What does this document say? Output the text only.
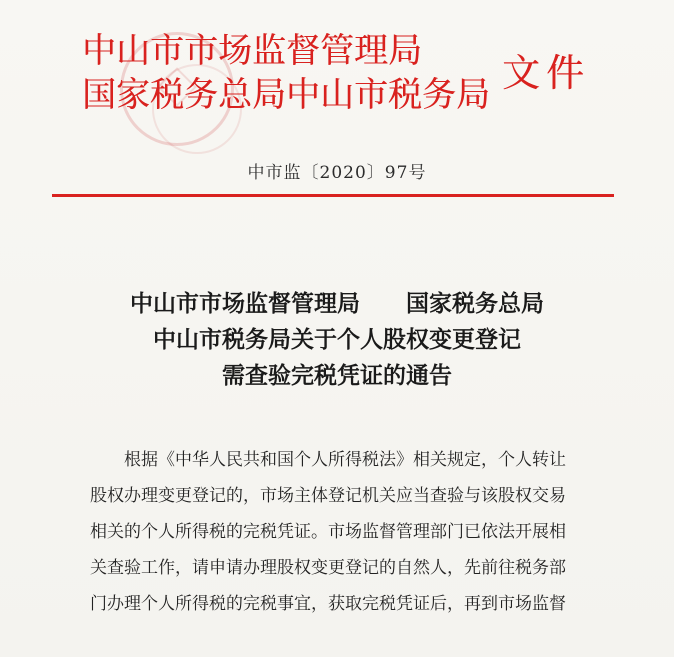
中山市市场监督管理局
国家税务总局中山市税务局 文件
中市监〔2020〕97号
中山市市场监督管理局　　国家税务总局
中山市税务局关于个人股权变更登记
需查验完税凭证的通告
根据《中华人民共和国个人所得税法》相关规定，个人转让
股权办理变更登记的，市场主体登记机关应当查验与该股权交易
相关的个人所得税的完税凭证。市场监督管理部门已依法开展相
关查验工作，请申请办理股权变更登记的自然人，先前往税务部
门办理个人所得税的完税事宜，获取完税凭证后，再到市场监督
